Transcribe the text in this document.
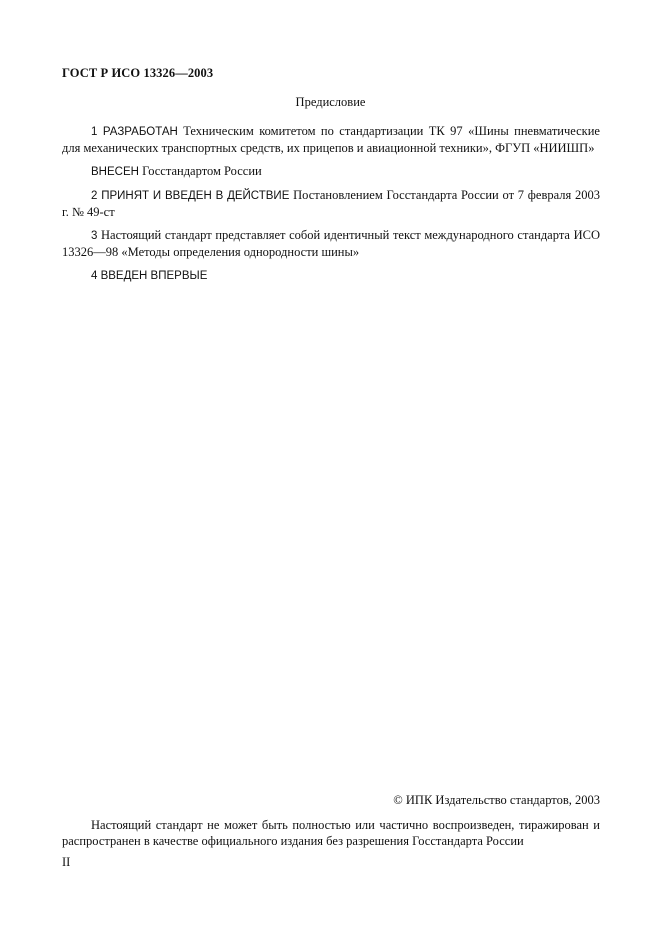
ГОСТ Р ИСО 13326—2003
Предисловие
1 РАЗРАБОТАН Техническим комитетом по стандартизации ТК 97 «Шины пневматические для механических транспортных средств, их прицепов и авиационной техники», ФГУП «НИИШП»
ВНЕСЕН Госстандартом России
2 ПРИНЯТ И ВВЕДЕН В ДЕЙСТВИЕ Постановлением Госстандарта России от 7 февраля 2003 г. № 49-ст
3 Настоящий стандарт представляет собой идентичный текст международного стандарта ИСО 13326—98 «Методы определения однородности шины»
4 ВВЕДЕН ВПЕРВЫЕ
© ИПК Издательство стандартов, 2003
Настоящий стандарт не может быть полностью или частично воспроизведен, тиражирован и распространен в качестве официального издания без разрешения Госстандарта России
II
